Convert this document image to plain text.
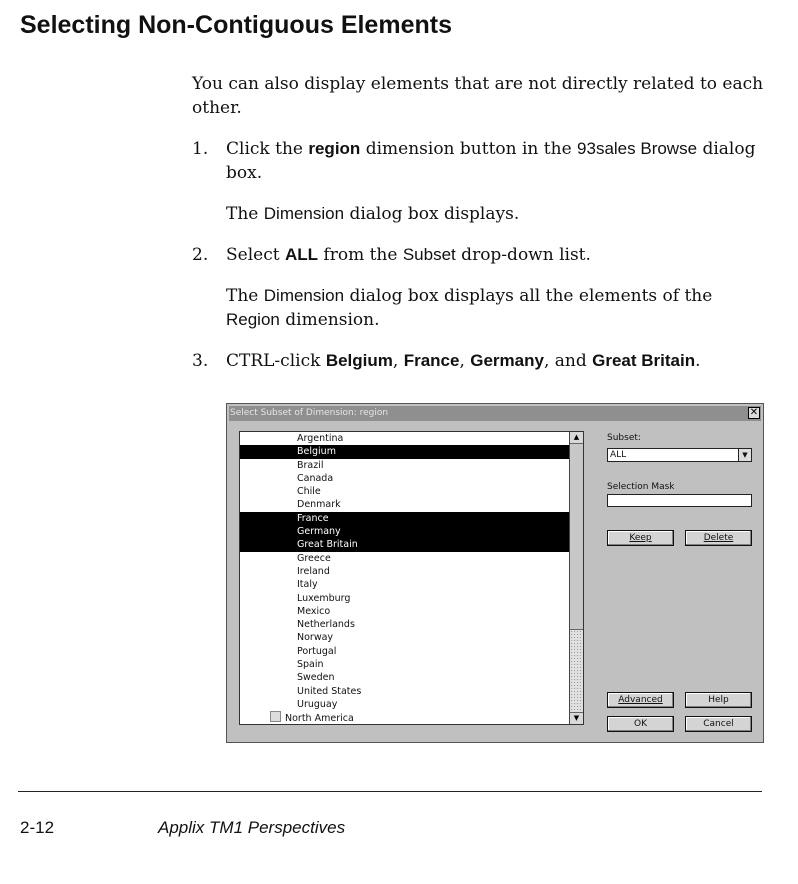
Selecting Non-Contiguous Elements
You can also display elements that are not directly related to each other.
1. Click the region dimension button in the 93sales Browse dialog box.
The Dimension dialog box displays.
2. Select ALL from the Subset drop-down list.
The Dimension dialog box displays all the elements of the Region dimension.
3. CTRL-click Belgium, France, Germany, and Great Britain.
Select Subset of Dimension: region	✕
Argentina
Belgium
Brazil
Canada
Chile
Denmark
France
Germany
Great Britain
Greece
Ireland
Italy
Luxemburg
Mexico
Netherlands
Norway
Portugal
Spain
Sweden
United States
Uruguay
North America
▲
▼
Subset:
ALL	▼
Selection Mask
Keep	Delete
Advanced	Help
OK	Cancel
2-12	Applix TM1 Perspectives
